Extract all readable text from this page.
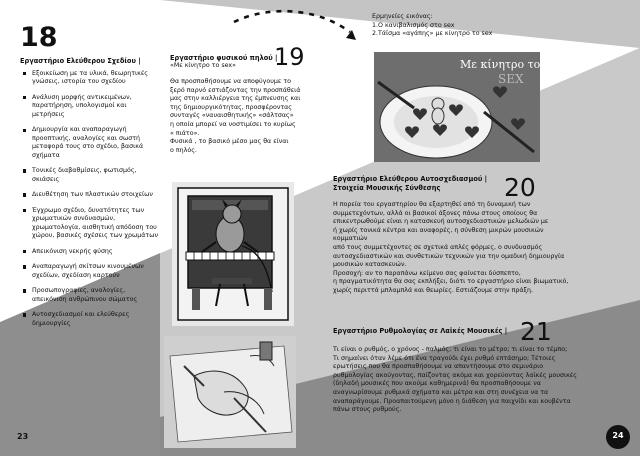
18
Εργαστήριο Ελεύθερου Σχεδίου |
Εξοικείωση με τα υλικά, θεωρητικές γνώσεις, ιστορία του σχεδίου
Ανάλυση μορφής αντικειμένων, παρατήρηση, υπολογισμοί και μετρήσεις
Δημιουργία και αναπαραγωγή προοπτικής, αναλογίες και σωστή μεταφορά τους στο σχέδιο, βασικά σχήματα
Τονικές διαβαθμίσεις, φωτισμός, σκιάσεις
Διευθέτηση των πλαστικών στοιχείων
Έγχρωμο σχέδιο, δυνατότητες των χρωματικών συνδυασμών, χρωματολογία, αισθητική απόδοση του χώρου, βασικές σχέσεις των χρωμάτων
Απεικόνιση νεκρής φύσης
Αναπαραγωγή σκίτσων κινουμένων σχεδίων, σχεδίαση καρτούν
Προσωπογραφίες, αναλογίες, απεικόνιση ανθρώπινου σώματος
Αυτοσχεδιασμοί και ελεύθερες δημιουργίες
23
Εργαστήριο φυσικού πηλού |
19
«Με κίνητρο το sex»
Θα προσπαθήσουμε να αποφύγουμε το
ξερό παρνό εστιάζοντας την προσπάθειά
μας στην καλλιέργεια της έμπνευσης και
της δημιουργικότητας, προσφέροντας
συνταγές «ναυαισθητικής» «σάλτσας»
η οποία μπορεί να νοστιμίσει το κυρίως
« πιάτο».
Φυσικά , το βασικό μέσο μας θα είναι
ο πηλός.
Ερμηνείες εικόνας:
1.Ο κανιβαλισμός στο sex
2.Τάϊσμα «αγάπης» με κίνητρο το sex
Με κίνητρο το
SEX
Εργαστήριο Ελεύθερου Αυτοσχεδιασμού |
Στοιχεία Μουσικής Σύνθεσης	20
Η πορεία του εργαστηρίου θα εξαρτηθεί από τη δυναμική των
συμμετεχόντων, αλλά οι βασικοί άξονες πάνω στους οποίους θα
επικεντρωθούμε είναι η κατασκευή αυτοσχεδιαστικών μελωδιών με
ή χωρίς τονικά κέντρα και αναφορές, η σύνθεση μικρών μουσικών
κομματιών
από τους συμμετέχοντες σε σχετικά απλές φόρμες, ο συνδυασμός
αυτοσχεδιαστικών και συνθετικών τεχνικών για την ομαδική δημιουργία
μουσικών κατασκευών.
Προσοχή: αν το παραπάνω κείμενο σας φαίνεται δύσπεπτο,
η πραγματικότητα θα σας εκπλήξει, διότι το εργαστήριο είναι βιωματικό,
χωρίς περιττά μπλαμπλά και θεωρίες. Εστιάζουμε στην πράξη.
Εργαστήριο Ρυθμολογίας σε Λαϊκές Μουσικές | 21
Τι είναι ο ρυθμός, ο χρόνος - παλμός; τι είναι το μέτρο; τι είναι το τέμπο;
Τι σημαίνει όταν λέμε ότι ένα τραγούδι έχει ρυθμό επτάσημο; Τέτοιες
ερωτήσεις που θα προσπαθήσουμε να απαντήσουμε στο σεμινάριο
ρυθμολογίας ακούγοντας, παίζοντας ακόμα και χορεύοντας λαϊκές μουσικές
(δηλαδή μουσικές που ακούμε καθημερινά) θα προσπαθήσουμε να
αναγνωρίσουμε ρυθμικά σχήματα και μέτρα και στη συνέχεια να τα
αναπαράγουμε. Προαπαιτούμενη μόνο η διάθεση για παιχνίδι και κουβέντα
πάνω στους ρυθμούς.
24
